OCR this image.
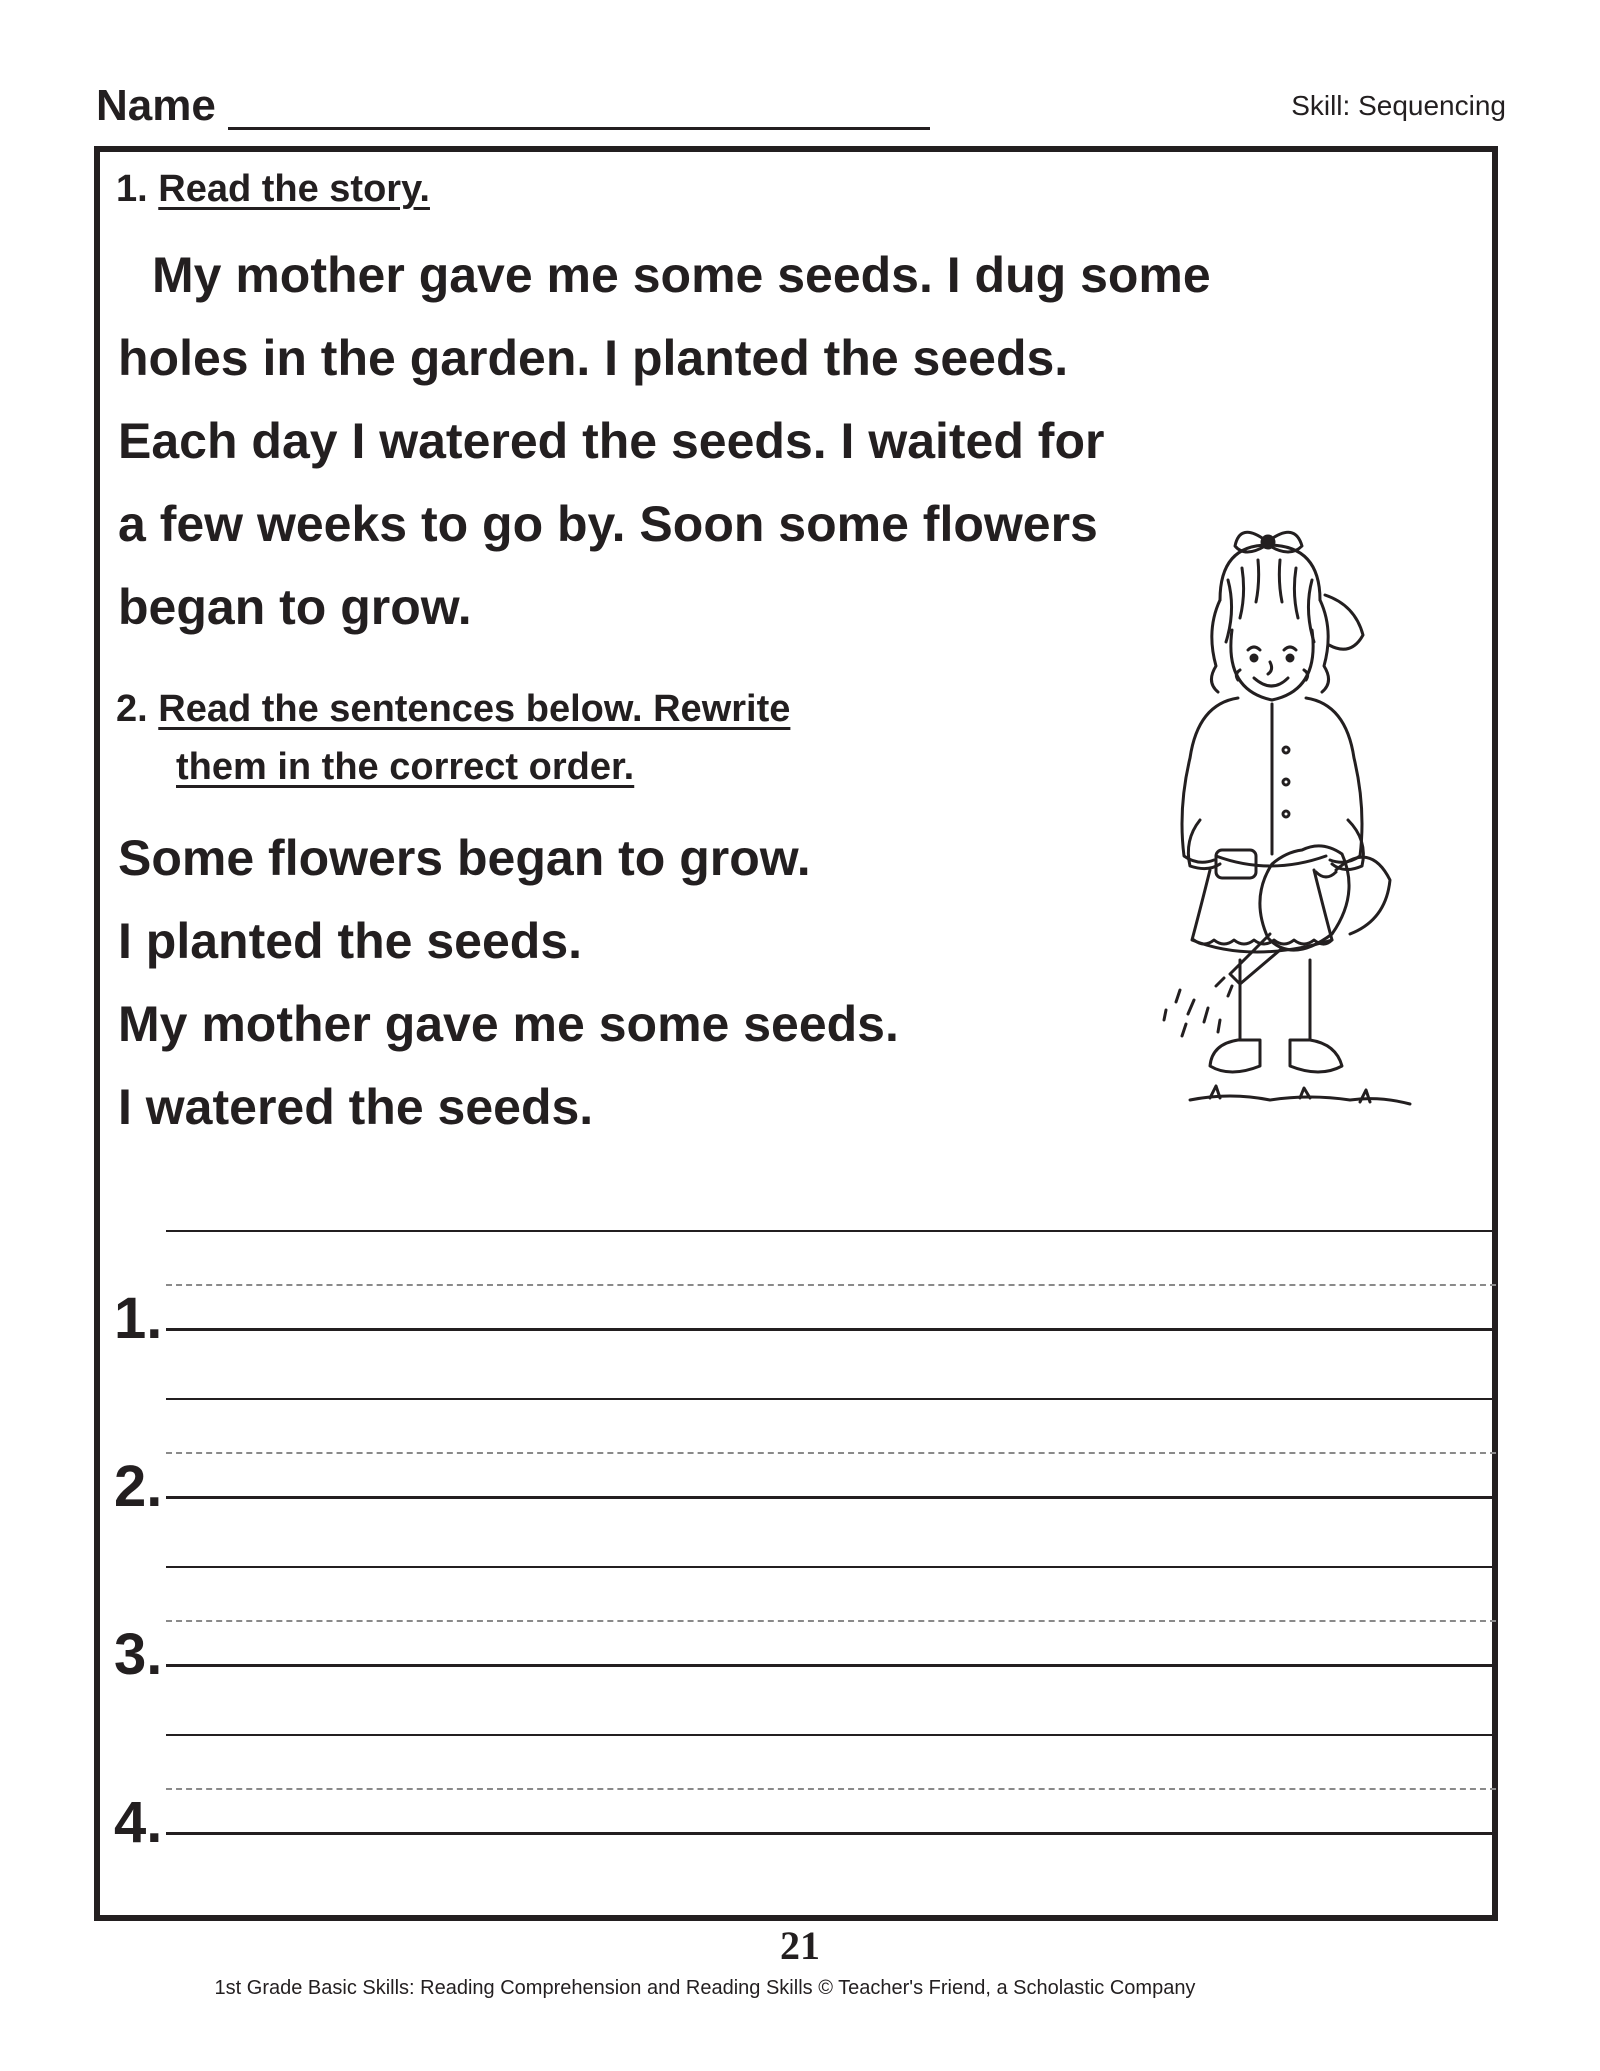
Name	Skill: Sequencing
1. Read the story.
My mother gave me some seeds. I dug some
holes in the garden. I planted the seeds.
Each day I watered the seeds. I waited for
a few weeks to go by. Soon some flowers
began to grow.
2. Read the sentences below. Rewrite
them in the correct order.
Some flowers began to grow.
I planted the seeds.
My mother gave me some seeds.
I watered the seeds.
1.
2.
3.
4.
21
1st Grade Basic Skills: Reading Comprehension and Reading Skills © Teacher's Friend, a Scholastic Company
